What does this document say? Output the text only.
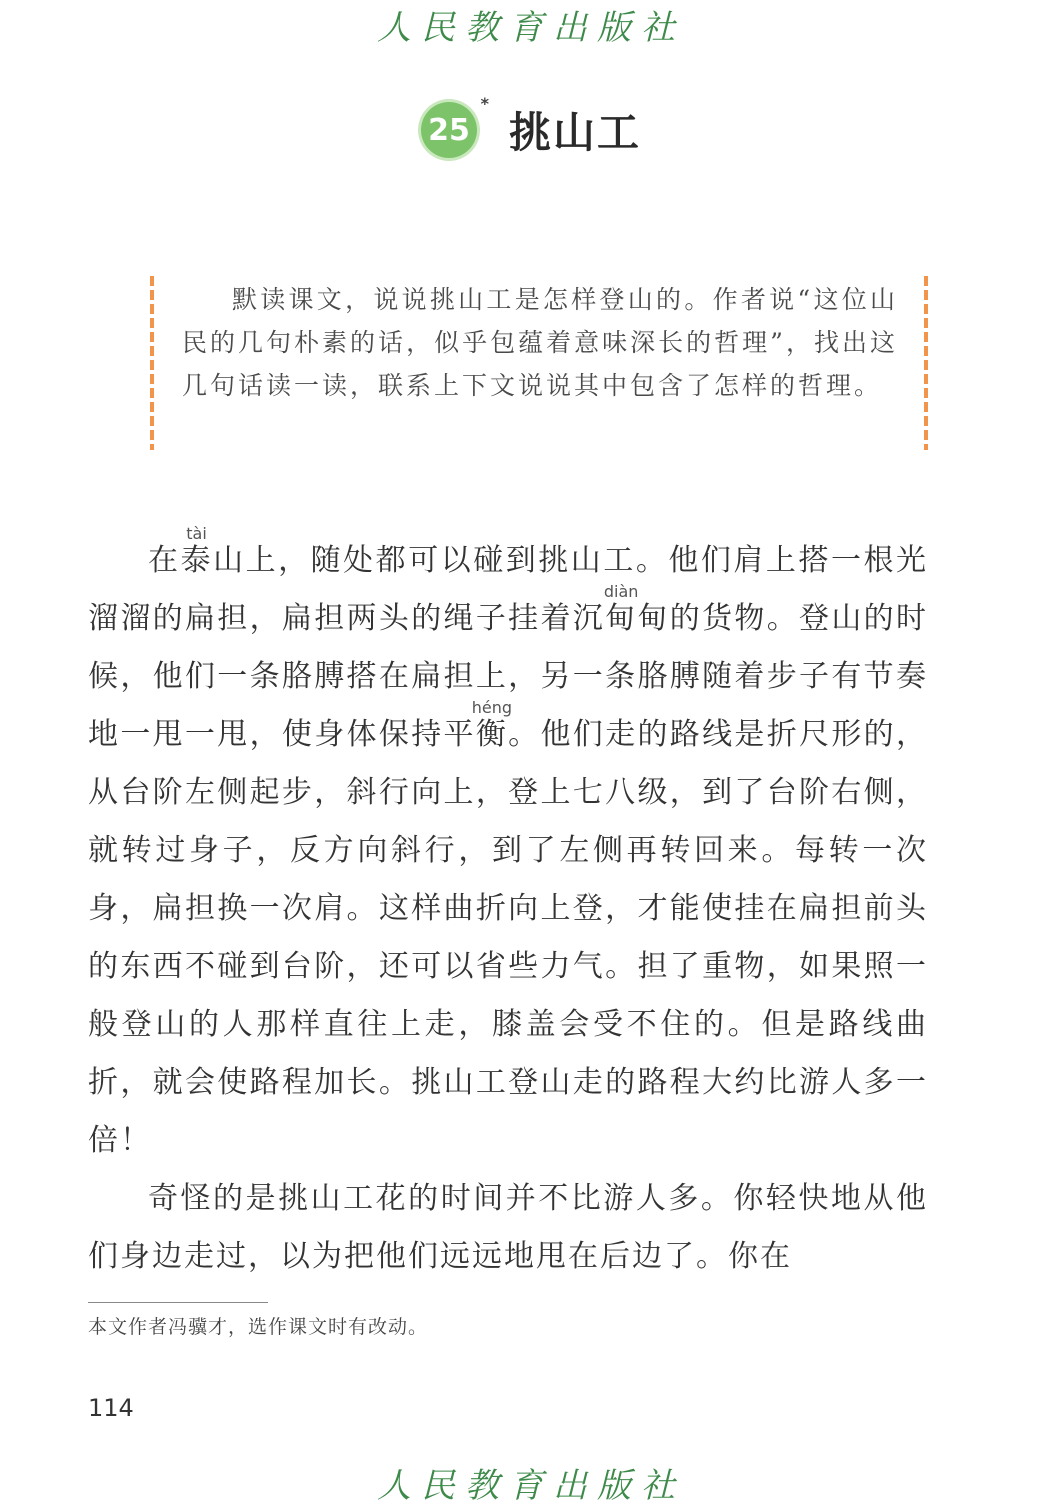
人民教育出版社
25
*
挑山工

默读课文，说说挑山工是怎样登山的。作者说“这位山民的几句朴素的话，似乎包蕴着意味深长的哲理”，找出这几句话读一读，联系上下文说说其中包含了怎样的哲理。

在泰tài山上，随处都可以碰到挑山工。他们肩上搭一根光溜溜的扁担，扁担两头的绳子挂着沉甸diàn甸的货物。登山的时候，他们一条胳膊搭在扁担上，另一条胳膊随着步子有节奏地一甩一甩，使身体保持平衡héng。他们走的路线是折尺形的，从台阶左侧起步，斜行向上，登上七八级，到了台阶右侧，就转过身子，反方向斜行，到了左侧再转回来。每转一次身，扁担换一次肩。这样曲折向上登，才能使挂在扁担前头的东西不碰到台阶，还可以省些力气。担了重物，如果照一般登山的人那样直往上走，膝盖会受不住的。但是路线曲折，就会使路程加长。挑山工登山走的路程大约比游人多一倍！

奇怪的是挑山工花的时间并不比游人多。你轻快地从他们身边走过，以为把他们远远地甩在后边了。你在

本文作者冯骥才，选作课文时有改动。
114
人民教育出版社
